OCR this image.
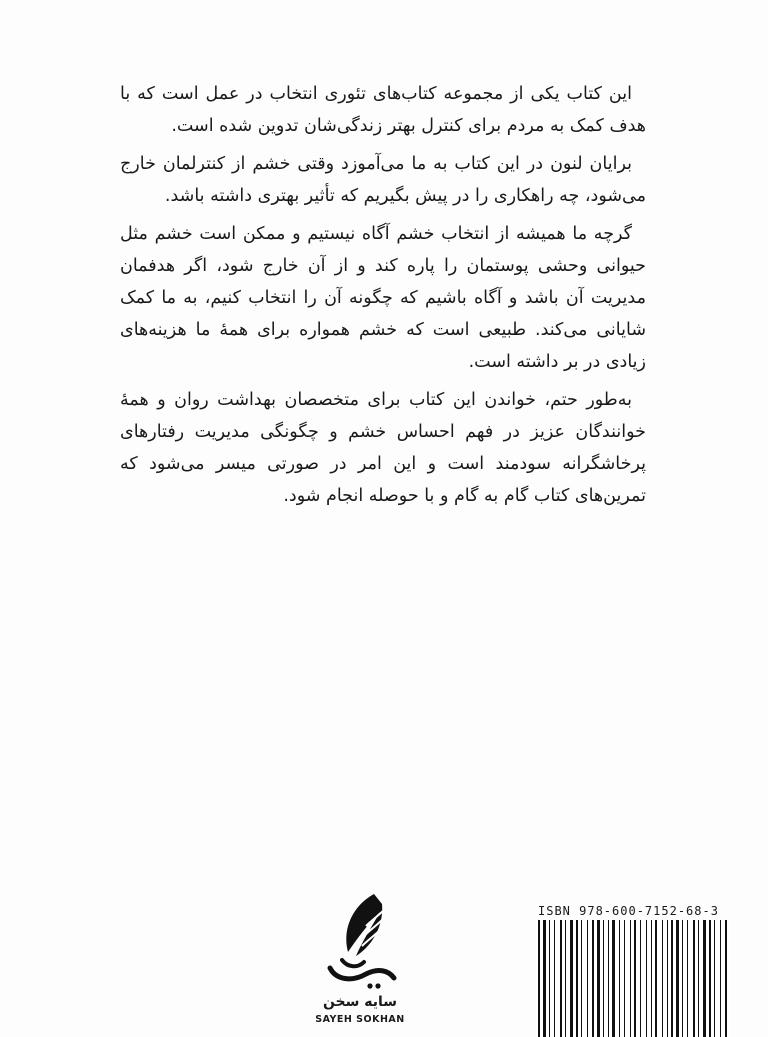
این کتاب یکی از مجموعه کتاب‌های تئوری انتخاب در عمل است که با هدف کمک به مردم برای کنترل بهتر زندگی‌شان تدوین شده است.

برایان لنون در این کتاب به ما می‌آموزد وقتی خشم از کنترلمان خارج می‌شود، چه راهکاری را در پیش بگیریم که تأثیر بهتری داشته باشد.

گرچه ما همیشه از انتخاب خشم آگاه نیستیم و ممکن است خشم مثل حیوانی وحشی پوستمان را پاره کند و از آن خارج شود، اگر هدفمان مدیریت آن باشد و آگاه باشیم که چگونه آن را انتخاب کنیم، به ما کمک شایانی می‌کند. طبیعی است که خشم همواره برای همهٔ ما هزینه‌های زیادی در بر داشته است.

به‌طور حتم، خواندن این کتاب برای متخصصان بهداشت روان و همهٔ خوانندگان عزیز در فهم احساس خشم و چگونگی مدیریت رفتارهای پرخاشگرانه سودمند است و این امر در صورتی میسر می‌شود که تمرین‌های کتاب گام به گام و با حوصله انجام شود.

سایه سخن
SAYEH SOKHAN
ISBN 978-600-7152-68-3
